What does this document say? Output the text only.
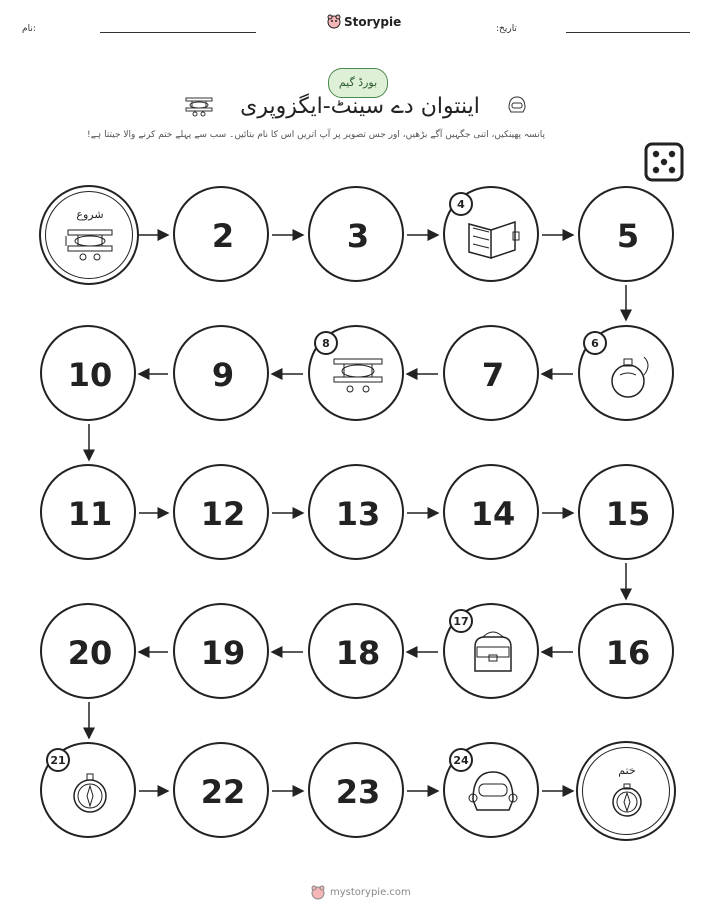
نام:	Storypie	تاریخ:
بورڈ گیم
اینتوان دے سینٹ-ایگزوپری
پانسہ پھینکیں، اتنی جگہیں آگے بڑھیں، اور جس تصویر پر آپ اتریں اس کا نام بتائیں۔ سب سے پہلے ختم کرنے والا جیتتا ہے!
شروع
2	3
4
5
6
7
8
9
10
11	12	13	14	15
16
17
18
19
20
21
22	23
24
ختم
mystorypie.com
